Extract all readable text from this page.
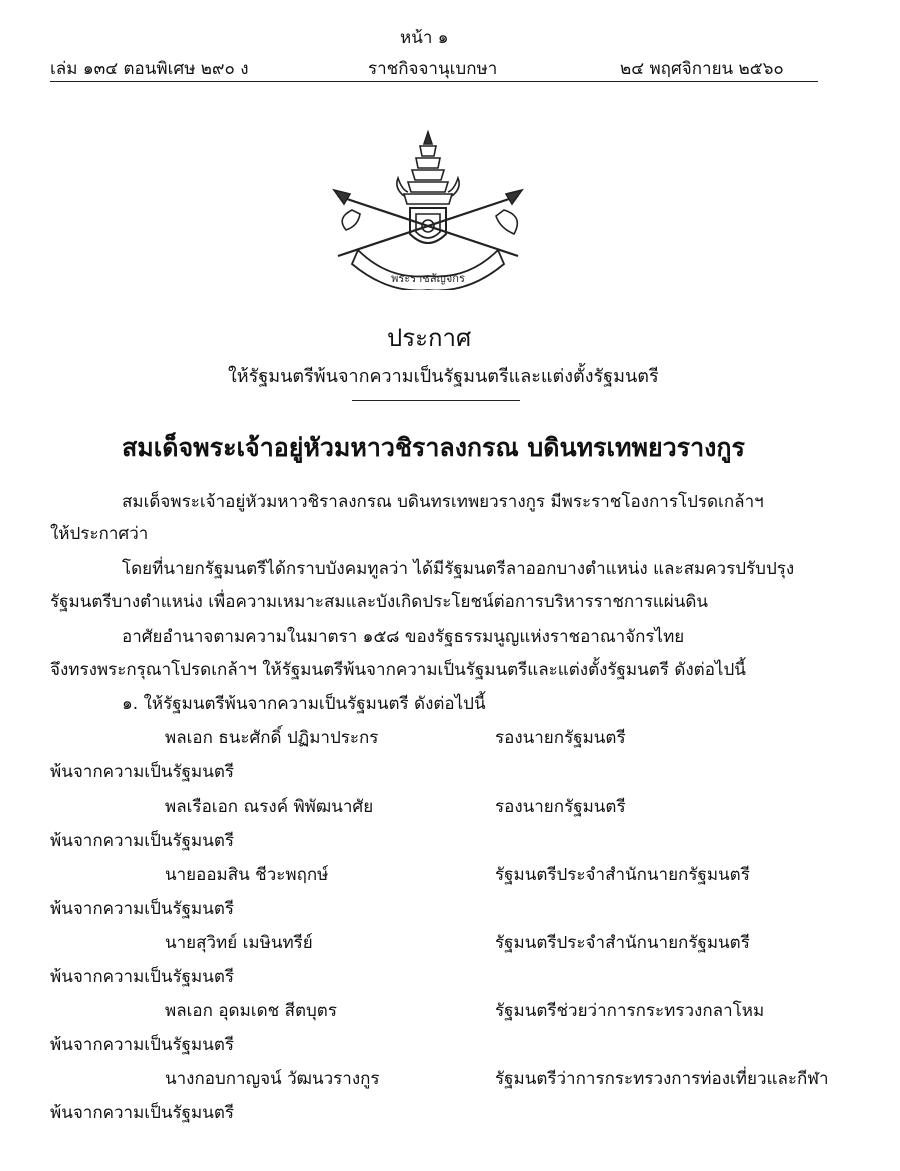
หน้า ๑
เล่ม ๑๓๔ ตอนพิเศษ ๒๙๐ ง	ราชกิจจานุเบกษา	๒๔ พฤศจิกายน ๒๕๖๐
พระราชลัญจกร
ประกาศ
ให้รัฐมนตรีพ้นจากความเป็นรัฐมนตรีและแต่งตั้งรัฐมนตรี
สมเด็จพระเจ้าอยู่หัวมหาวชิราลงกรณ บดินทรเทพยวรางกูร
สมเด็จพระเจ้าอยู่หัวมหาวชิราลงกรณ บดินทรเทพยวรางกูร มีพระราชโองการโปรดเกล้าฯ
ให้ประกาศว่า
โดยที่นายกรัฐมนตรีได้กราบบังคมทูลว่า ได้มีรัฐมนตรีลาออกบางตำแหน่ง และสมควรปรับปรุง
รัฐมนตรีบางตำแหน่ง เพื่อความเหมาะสมและบังเกิดประโยชน์ต่อการบริหารราชการแผ่นดิน
อาศัยอำนาจตามความในมาตรา ๑๕๘ ของรัฐธรรมนูญแห่งราชอาณาจักรไทย
จึงทรงพระกรุณาโปรดเกล้าฯ ให้รัฐมนตรีพ้นจากความเป็นรัฐมนตรีและแต่งตั้งรัฐมนตรี ดังต่อไปนี้
๑. ให้รัฐมนตรีพ้นจากความเป็นรัฐมนตรี ดังต่อไปนี้
พลเอก ธนะศักดิ์ ปฏิมาประกร	รองนายกรัฐมนตรี
พ้นจากความเป็นรัฐมนตรี
พลเรือเอก ณรงค์ พิพัฒนาศัย	รองนายกรัฐมนตรี
พ้นจากความเป็นรัฐมนตรี
นายออมสิน ชีวะพฤกษ์	รัฐมนตรีประจำสำนักนายกรัฐมนตรี
พ้นจากความเป็นรัฐมนตรี
นายสุวิทย์ เมษินทรีย์	รัฐมนตรีประจำสำนักนายกรัฐมนตรี
พ้นจากความเป็นรัฐมนตรี
พลเอก อุดมเดช สีตบุตร	รัฐมนตรีช่วยว่าการกระทรวงกลาโหม
พ้นจากความเป็นรัฐมนตรี
นางกอบกาญจน์ วัฒนวรางกูร	รัฐมนตรีว่าการกระทรวงการท่องเที่ยวและกีฬา
พ้นจากความเป็นรัฐมนตรี
